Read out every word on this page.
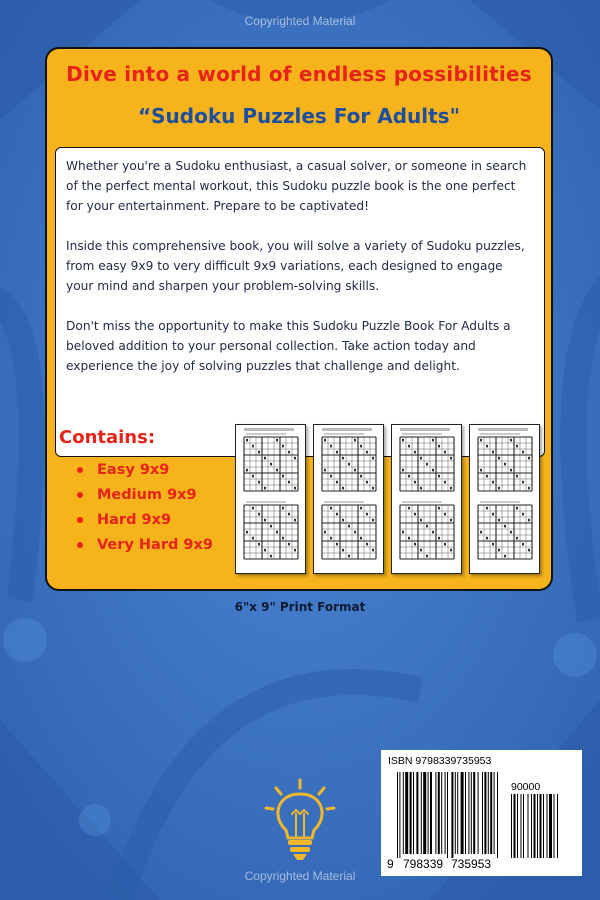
Copyrighted Material
Dive into a world of endless possibilities
“Sudoku Puzzles For Adults"

Whether you're a Sudoku enthusiast, a casual solver, or someone in search of the perfect mental workout, this Sudoku puzzle book is the one perfect for your entertainment. Prepare to be captivated!

Inside this comprehensive book, you will solve a variety of Sudoku puzzles, from easy 9x9 to very difficult 9x9 variations, each designed to engage your mind and sharpen your problem-solving skills.

Don't miss the opportunity to make this Sudoku Puzzle Book For Adults a beloved addition to your personal collection. Take action today and experience the joy of solving puzzles that challenge and delight.

Contains:
Easy 9x9
Medium 9x9
Hard 9x9
Very Hard 9x9
6"x 9" Print Format
ISBN 9798339735953
90000
9 798339 735953
Copyrighted Material
